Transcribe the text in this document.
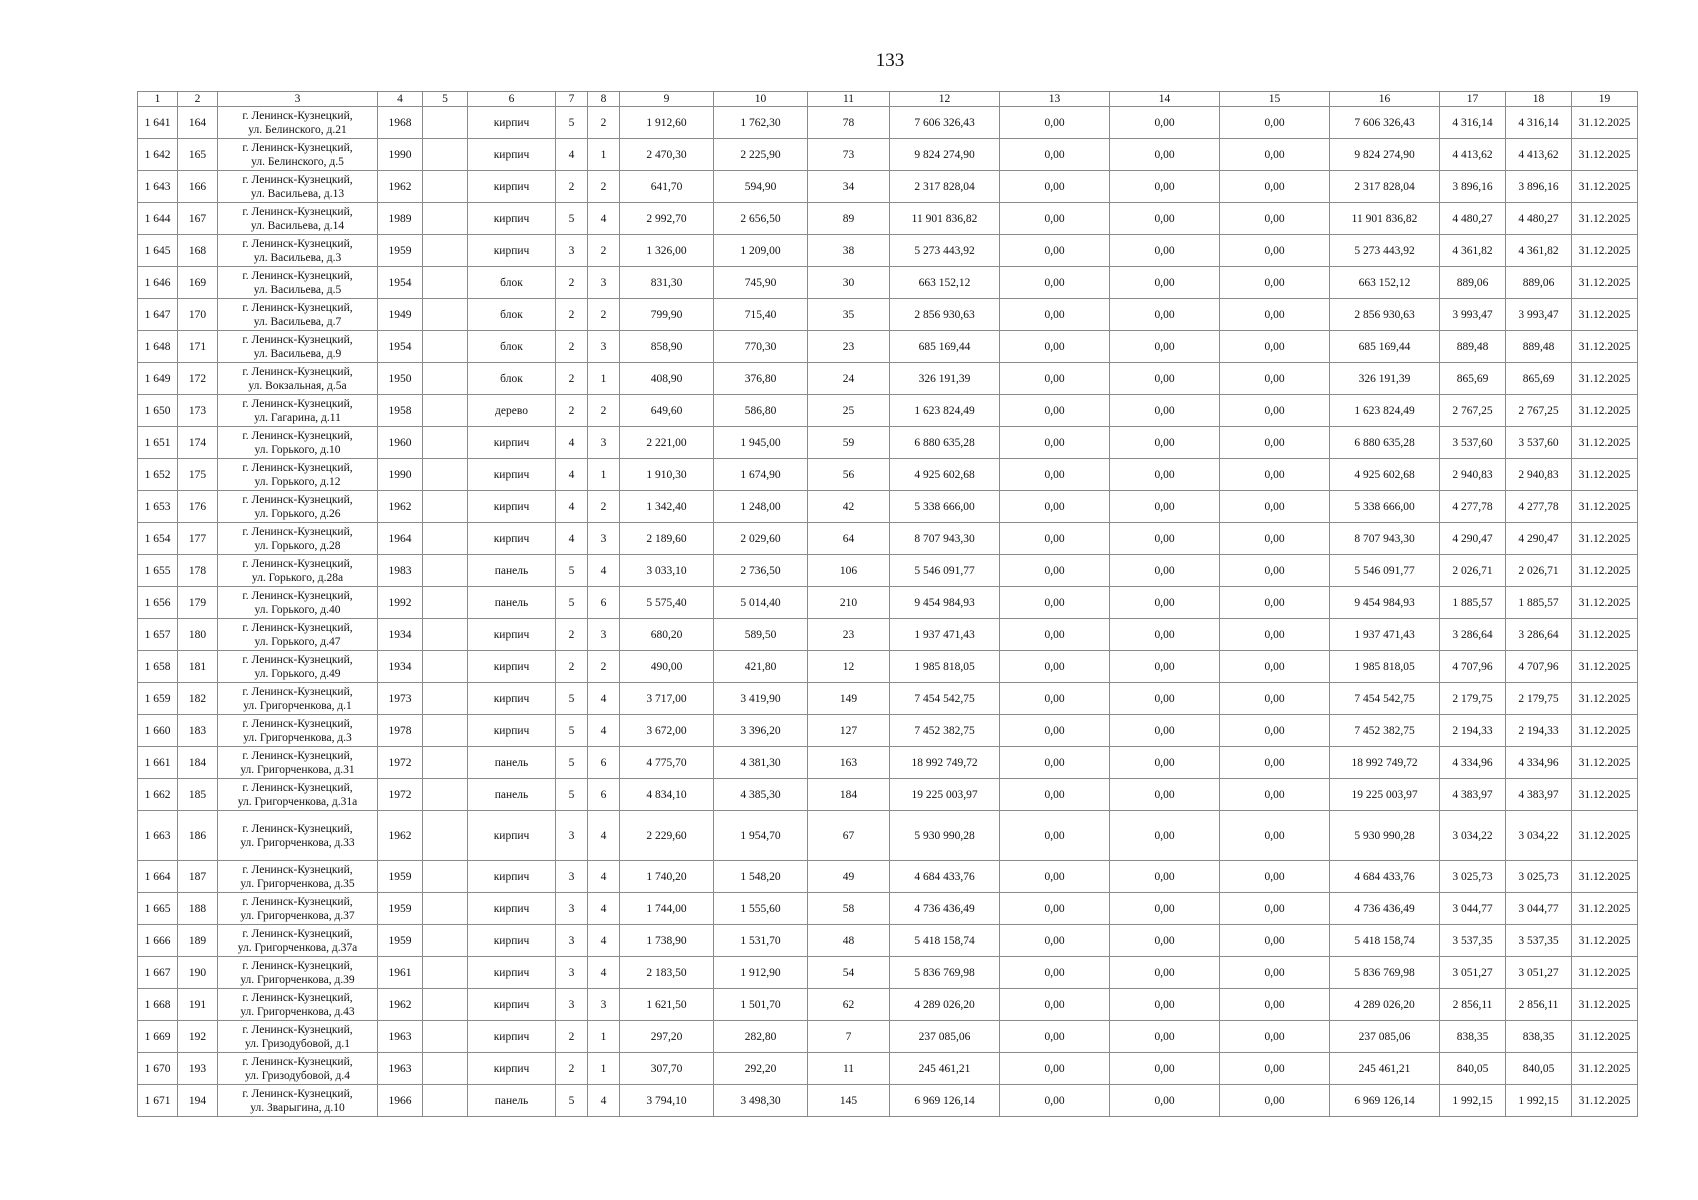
133
1	2	3	4	5	6	7	8	9	10	11	12	13	14	15	16	17	18	19
1 641	164	г. Ленинск-Кузнецкий,
ул. Белинского, д.21	1968		кирпич	5	2	1 912,60	1 762,30	78	7 606 326,43	0,00	0,00	0,00	7 606 326,43	4 316,14	4 316,14	31.12.2025
1 642	165	г. Ленинск-Кузнецкий,
ул. Белинского, д.5	1990		кирпич	4	1	2 470,30	2 225,90	73	9 824 274,90	0,00	0,00	0,00	9 824 274,90	4 413,62	4 413,62	31.12.2025
1 643	166	г. Ленинск-Кузнецкий,
ул. Васильева, д.13	1962		кирпич	2	2	641,70	594,90	34	2 317 828,04	0,00	0,00	0,00	2 317 828,04	3 896,16	3 896,16	31.12.2025
1 644	167	г. Ленинск-Кузнецкий,
ул. Васильева, д.14	1989		кирпич	5	4	2 992,70	2 656,50	89	11 901 836,82	0,00	0,00	0,00	11 901 836,82	4 480,27	4 480,27	31.12.2025
1 645	168	г. Ленинск-Кузнецкий,
ул. Васильева, д.3	1959		кирпич	3	2	1 326,00	1 209,00	38	5 273 443,92	0,00	0,00	0,00	5 273 443,92	4 361,82	4 361,82	31.12.2025
1 646	169	г. Ленинск-Кузнецкий,
ул. Васильева, д.5	1954		блок	2	3	831,30	745,90	30	663 152,12	0,00	0,00	0,00	663 152,12	889,06	889,06	31.12.2025
1 647	170	г. Ленинск-Кузнецкий,
ул. Васильева, д.7	1949		блок	2	2	799,90	715,40	35	2 856 930,63	0,00	0,00	0,00	2 856 930,63	3 993,47	3 993,47	31.12.2025
1 648	171	г. Ленинск-Кузнецкий,
ул. Васильева, д.9	1954		блок	2	3	858,90	770,30	23	685 169,44	0,00	0,00	0,00	685 169,44	889,48	889,48	31.12.2025
1 649	172	г. Ленинск-Кузнецкий,
ул. Вокзальная, д.5а	1950		блок	2	1	408,90	376,80	24	326 191,39	0,00	0,00	0,00	326 191,39	865,69	865,69	31.12.2025
1 650	173	г. Ленинск-Кузнецкий,
ул. Гагарина, д.11	1958		дерево	2	2	649,60	586,80	25	1 623 824,49	0,00	0,00	0,00	1 623 824,49	2 767,25	2 767,25	31.12.2025
1 651	174	г. Ленинск-Кузнецкий,
ул. Горького, д.10	1960		кирпич	4	3	2 221,00	1 945,00	59	6 880 635,28	0,00	0,00	0,00	6 880 635,28	3 537,60	3 537,60	31.12.2025
1 652	175	г. Ленинск-Кузнецкий,
ул. Горького, д.12	1990		кирпич	4	1	1 910,30	1 674,90	56	4 925 602,68	0,00	0,00	0,00	4 925 602,68	2 940,83	2 940,83	31.12.2025
1 653	176	г. Ленинск-Кузнецкий,
ул. Горького, д.26	1962		кирпич	4	2	1 342,40	1 248,00	42	5 338 666,00	0,00	0,00	0,00	5 338 666,00	4 277,78	4 277,78	31.12.2025
1 654	177	г. Ленинск-Кузнецкий,
ул. Горького, д.28	1964		кирпич	4	3	2 189,60	2 029,60	64	8 707 943,30	0,00	0,00	0,00	8 707 943,30	4 290,47	4 290,47	31.12.2025
1 655	178	г. Ленинск-Кузнецкий,
ул. Горького, д.28а	1983		панель	5	4	3 033,10	2 736,50	106	5 546 091,77	0,00	0,00	0,00	5 546 091,77	2 026,71	2 026,71	31.12.2025
1 656	179	г. Ленинск-Кузнецкий,
ул. Горького, д.40	1992		панель	5	6	5 575,40	5 014,40	210	9 454 984,93	0,00	0,00	0,00	9 454 984,93	1 885,57	1 885,57	31.12.2025
1 657	180	г. Ленинск-Кузнецкий,
ул. Горького, д.47	1934		кирпич	2	3	680,20	589,50	23	1 937 471,43	0,00	0,00	0,00	1 937 471,43	3 286,64	3 286,64	31.12.2025
1 658	181	г. Ленинск-Кузнецкий,
ул. Горького, д.49	1934		кирпич	2	2	490,00	421,80	12	1 985 818,05	0,00	0,00	0,00	1 985 818,05	4 707,96	4 707,96	31.12.2025
1 659	182	г. Ленинск-Кузнецкий,
ул. Григорченкова, д.1	1973		кирпич	5	4	3 717,00	3 419,90	149	7 454 542,75	0,00	0,00	0,00	7 454 542,75	2 179,75	2 179,75	31.12.2025
1 660	183	г. Ленинск-Кузнецкий,
ул. Григорченкова, д.3	1978		кирпич	5	4	3 672,00	3 396,20	127	7 452 382,75	0,00	0,00	0,00	7 452 382,75	2 194,33	2 194,33	31.12.2025
1 661	184	г. Ленинск-Кузнецкий,
ул. Григорченкова, д.31	1972		панель	5	6	4 775,70	4 381,30	163	18 992 749,72	0,00	0,00	0,00	18 992 749,72	4 334,96	4 334,96	31.12.2025
1 662	185	г. Ленинск-Кузнецкий,
ул. Григорченкова, д.31а	1972		панель	5	6	4 834,10	4 385,30	184	19 225 003,97	0,00	0,00	0,00	19 225 003,97	4 383,97	4 383,97	31.12.2025
1 663	186	г. Ленинск-Кузнецкий,
ул. Григорченкова, д.33	1962		кирпич	3	4	2 229,60	1 954,70	67	5 930 990,28	0,00	0,00	0,00	5 930 990,28	3 034,22	3 034,22	31.12.2025
1 664	187	г. Ленинск-Кузнецкий,
ул. Григорченкова, д.35	1959		кирпич	3	4	1 740,20	1 548,20	49	4 684 433,76	0,00	0,00	0,00	4 684 433,76	3 025,73	3 025,73	31.12.2025
1 665	188	г. Ленинск-Кузнецкий,
ул. Григорченкова, д.37	1959		кирпич	3	4	1 744,00	1 555,60	58	4 736 436,49	0,00	0,00	0,00	4 736 436,49	3 044,77	3 044,77	31.12.2025
1 666	189	г. Ленинск-Кузнецкий,
ул. Григорченкова, д.37а	1959		кирпич	3	4	1 738,90	1 531,70	48	5 418 158,74	0,00	0,00	0,00	5 418 158,74	3 537,35	3 537,35	31.12.2025
1 667	190	г. Ленинск-Кузнецкий,
ул. Григорченкова, д.39	1961		кирпич	3	4	2 183,50	1 912,90	54	5 836 769,98	0,00	0,00	0,00	5 836 769,98	3 051,27	3 051,27	31.12.2025
1 668	191	г. Ленинск-Кузнецкий,
ул. Григорченкова, д.43	1962		кирпич	3	3	1 621,50	1 501,70	62	4 289 026,20	0,00	0,00	0,00	4 289 026,20	2 856,11	2 856,11	31.12.2025
1 669	192	г. Ленинск-Кузнецкий,
ул. Гризодубовой, д.1	1963		кирпич	2	1	297,20	282,80	7	237 085,06	0,00	0,00	0,00	237 085,06	838,35	838,35	31.12.2025
1 670	193	г. Ленинск-Кузнецкий,
ул. Гризодубовой, д.4	1963		кирпич	2	1	307,70	292,20	11	245 461,21	0,00	0,00	0,00	245 461,21	840,05	840,05	31.12.2025
1 671	194	г. Ленинск-Кузнецкий,
ул. Зварыгина, д.10	1966		панель	5	4	3 794,10	3 498,30	145	6 969 126,14	0,00	0,00	0,00	6 969 126,14	1 992,15	1 992,15	31.12.2025
